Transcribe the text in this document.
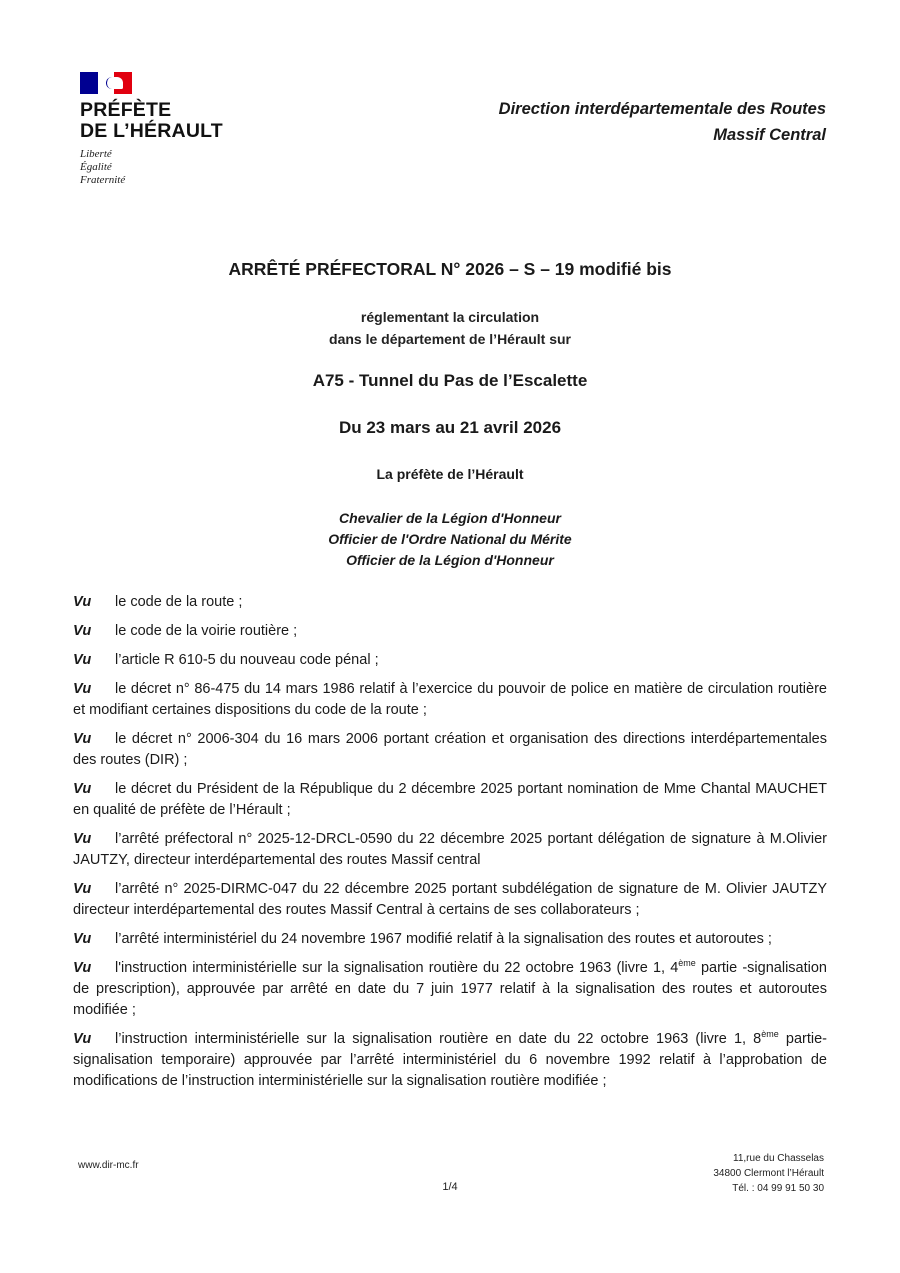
PRÉFÈTE
DE L’HÉRAULT
Liberté
Égalité
Fraternité
Direction interdépartementale des Routes
Massif Central
ARRÊTÉ PRÉFECTORAL N° 2026 – S – 19 modifié bis
réglementant la circulation
dans le département de l’Hérault sur
A75 - Tunnel du Pas de l’Escalette
Du 23 mars au 21 avril 2026
La préfète de l’Hérault
Chevalier de la Légion d'Honneur
Officier de l'Ordre National du Mérite
Officier de la Légion d'Honneur

Vu le code de la route ;

Vu le code de la voirie routière ;

Vu l’article R 610-5 du nouveau code pénal ;

Vu le décret n° 86-475 du 14 mars 1986 relatif à l’exercice du pouvoir de police en matière de circulation routière et modifiant certaines dispositions du code de la route ;

Vu le décret n° 2006-304 du 16 mars 2006 portant création et organisation des directions interdépartementales des routes (DIR) ;

Vu le décret du Président de la République du 2 décembre 2025 portant nomination de Mme Chantal MAUCHET en qualité de préfète de l’Hérault ;

Vu l’arrêté préfectoral n° 2025-12-DRCL-0590 du 22 décembre 2025 portant délégation de signature à M.Olivier JAUTZY, directeur interdépartemental des routes Massif central

Vu l’arrêté n° 2025-DIRMC-047 du 22 décembre 2025 portant subdélégation de signature de M. Olivier JAUTZY directeur interdépartemental des routes Massif Central à certains de ses collaborateurs ;

Vu l’arrêté interministériel du 24 novembre 1967 modifié relatif à la signalisation des routes et autoroutes ;

Vu l'instruction interministérielle sur la signalisation routière du 22 octobre 1963 (livre 1, 4ème partie -signalisation de prescription), approuvée par arrêté en date du 7 juin 1977 relatif à la signalisation des routes et autoroutes modifiée ;

Vu l’instruction interministérielle sur la signalisation routière en date du 22 octobre 1963 (livre 1, 8ème partie-signalisation temporaire) approuvée par l’arrêté interministériel du 6 novembre 1992 relatif à l’approbation de modifications de l’instruction interministérielle sur la signalisation routière modifiée ;

www.dir-mc.fr
1/4
11,rue du Chasselas
34800 Clermont l’Hérault
Tél. : 04 99 91 50 30
